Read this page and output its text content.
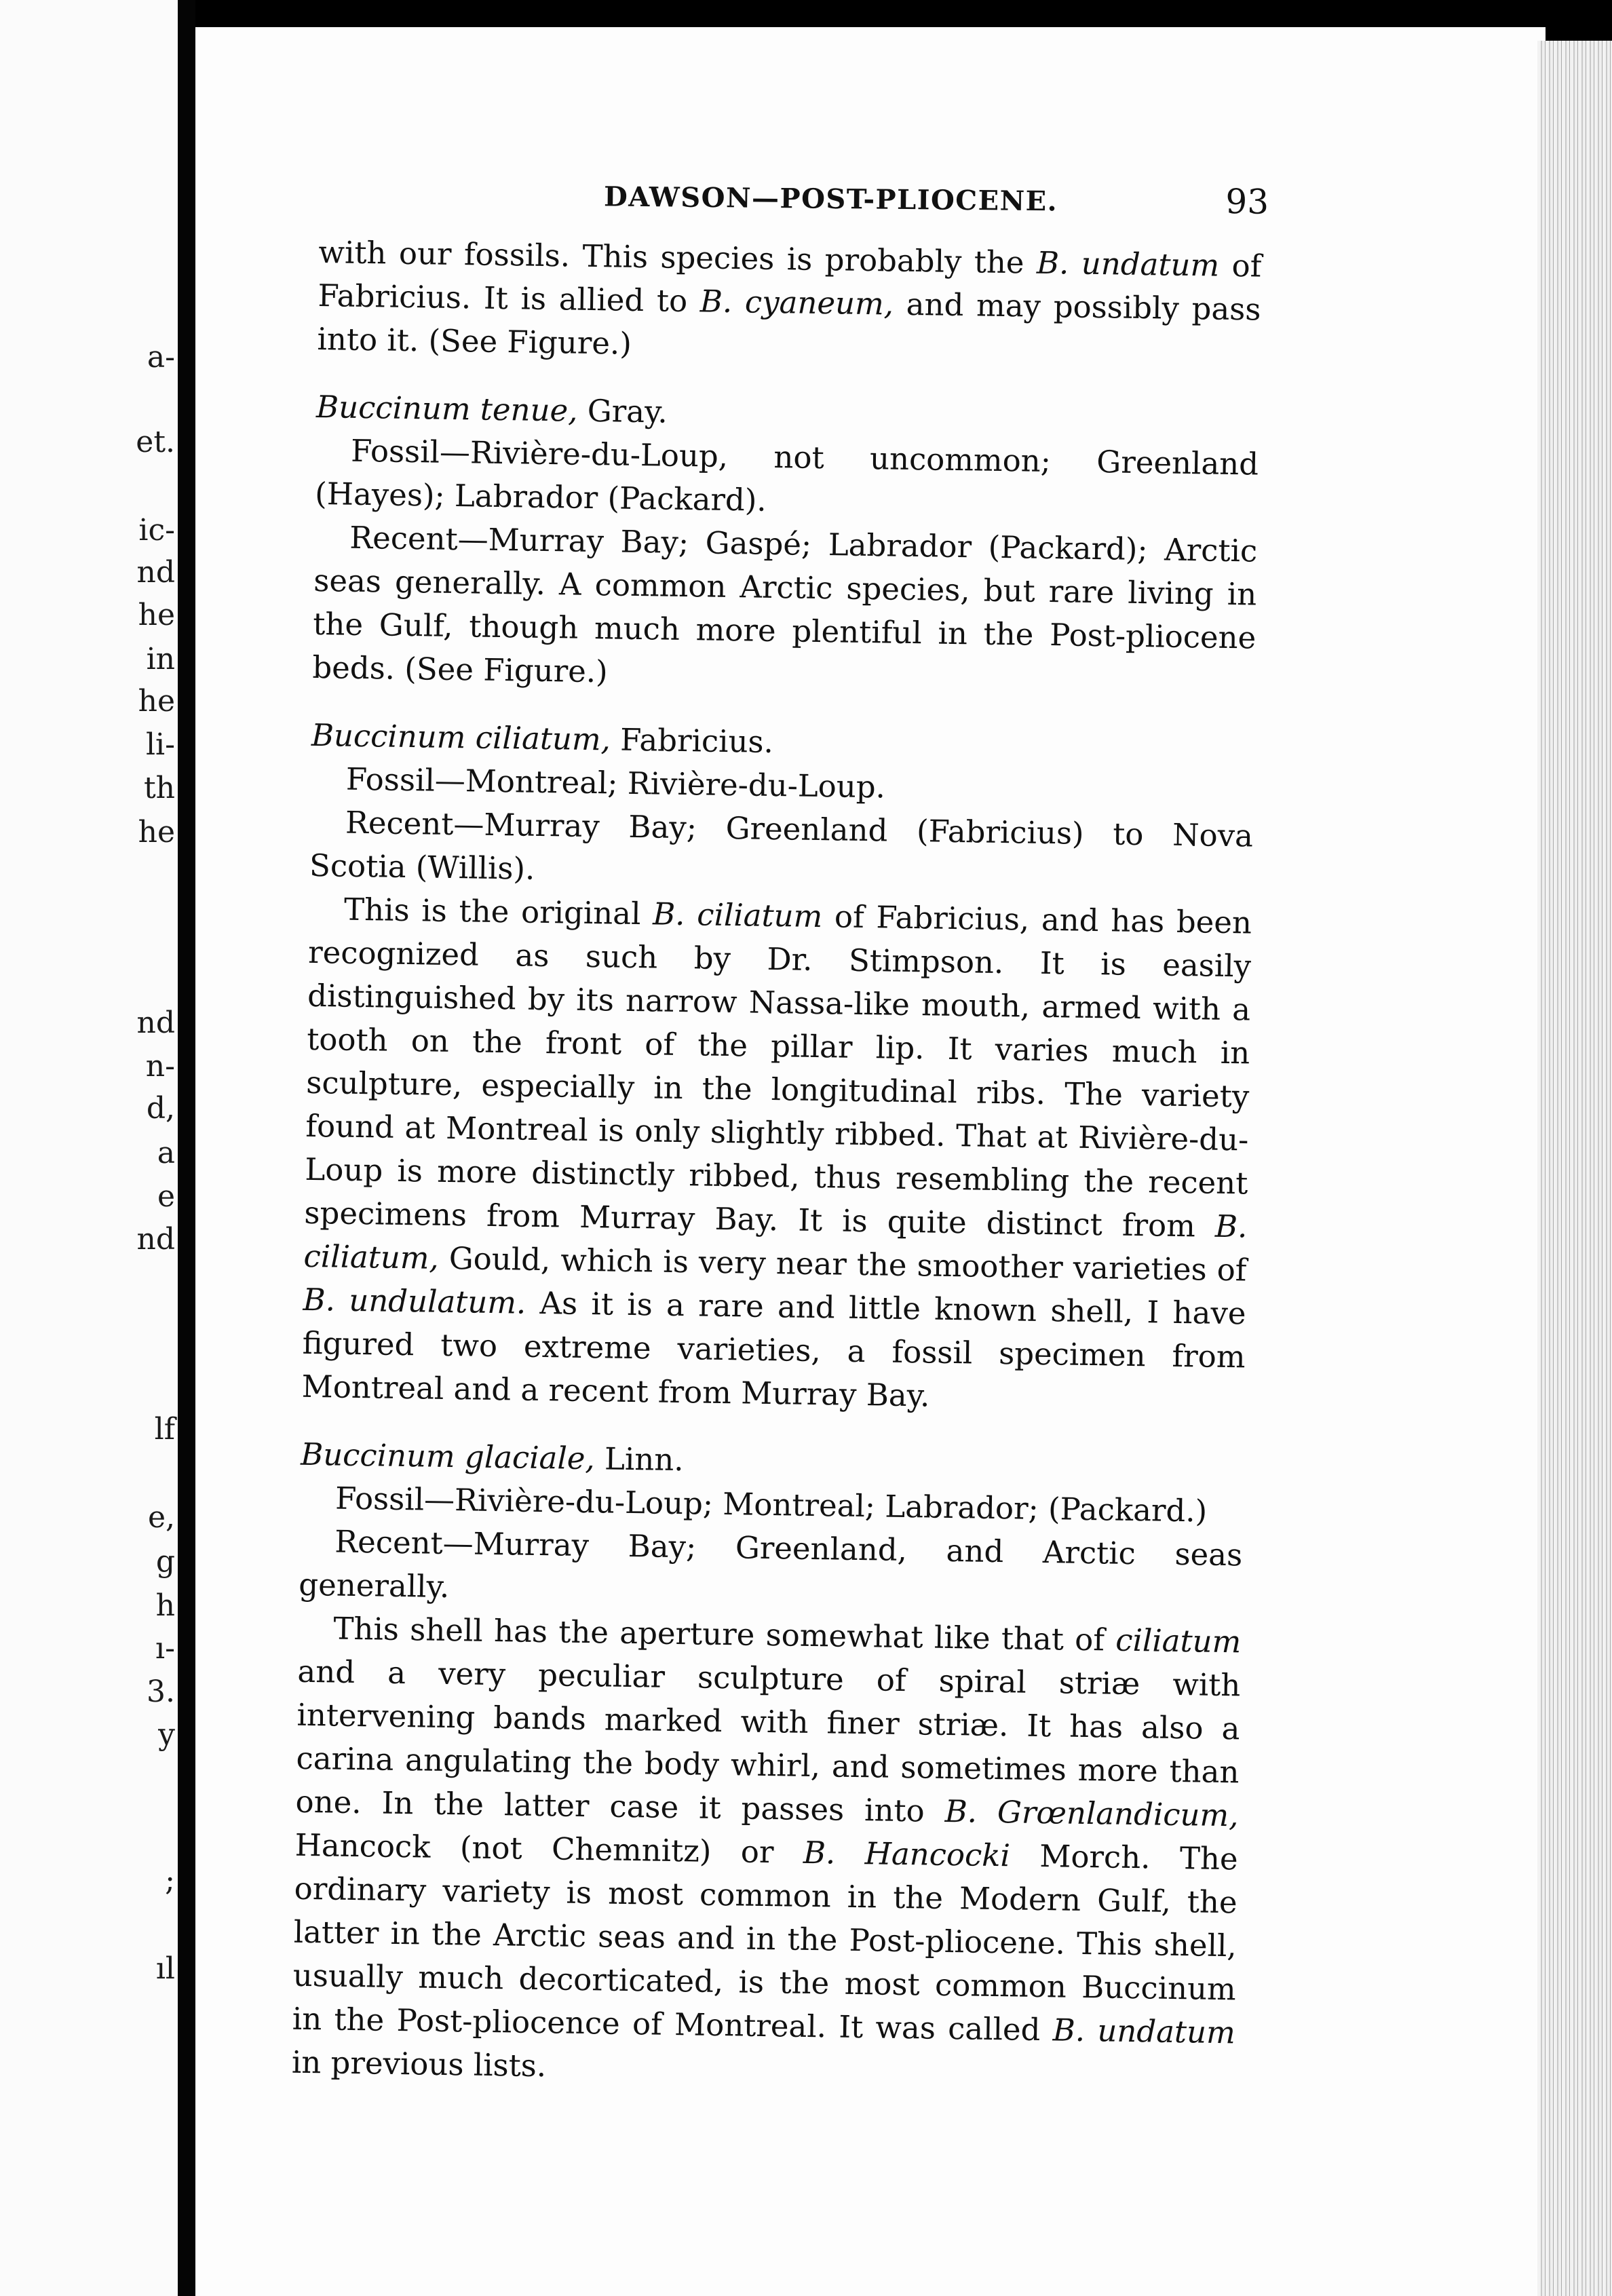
a-
et.
ic-
nd
he
in
he
li-
th
he
nd
n-
d,
a
e
nd
lf
e,
g
h
ı-
3.
y
;
ıl
DAWSON—POST-PLIOCENE.	93

with our fossils. This species is probably the B. undatum of Fabricius. It is allied to B. cyaneum, and may possibly pass into it. (See Figure.)

Buccinum tenue, Gray.

Fossil—Rivière-du-Loup, not uncommon; Greenland (Hayes); Labrador (Packard).

Recent—Murray Bay; Gaspé; Labrador (Packard); Arctic seas generally. A common Arctic species, but rare living in the Gulf, though much more plentiful in the Post-pliocene beds. (See Figure.)

Buccinum ciliatum, Fabricius.

Fossil—Montreal; Rivière-du-Loup.

Recent—Murray Bay; Greenland (Fabricius) to Nova Scotia (Willis).

This is the original B. ciliatum of Fabricius, and has been recognized as such by Dr. Stimpson. It is easily distinguished by its narrow Nassa-like mouth, armed with a tooth on the front of the pillar lip. It varies much in sculpture, especially in the longitudinal ribs. The variety found at Montreal is only slightly ribbed. That at Rivière-du-Loup is more distinctly ribbed, thus resembling the recent specimens from Murray Bay. It is quite distinct from B. ciliatum, Gould, which is very near the smoother varieties of B. undulatum. As it is a rare and little known shell, I have figured two extreme varieties, a fossil specimen from Montreal and a recent from Murray Bay.

Buccinum glaciale, Linn.

Fossil—Rivière-du-Loup; Montreal; Labrador; (Packard.)

Recent—Murray Bay; Greenland, and Arctic seas generally.

This shell has the aperture somewhat like that of ciliatum and a very peculiar sculpture of spiral striæ with intervening bands marked with finer striæ. It has also a carina angulating the body whirl, and sometimes more than one. In the latter case it passes into B. Grœnlandicum, Hancock (not Chemnitz) or B. Hancocki Morch. The ordinary variety is most common in the Modern Gulf, the latter in the Arctic seas and in the Post-pliocene. This shell, usually much decorticated, is the most common Buccinum in the Post-pliocence of Montreal. It was called B. undatum in previous lists.
